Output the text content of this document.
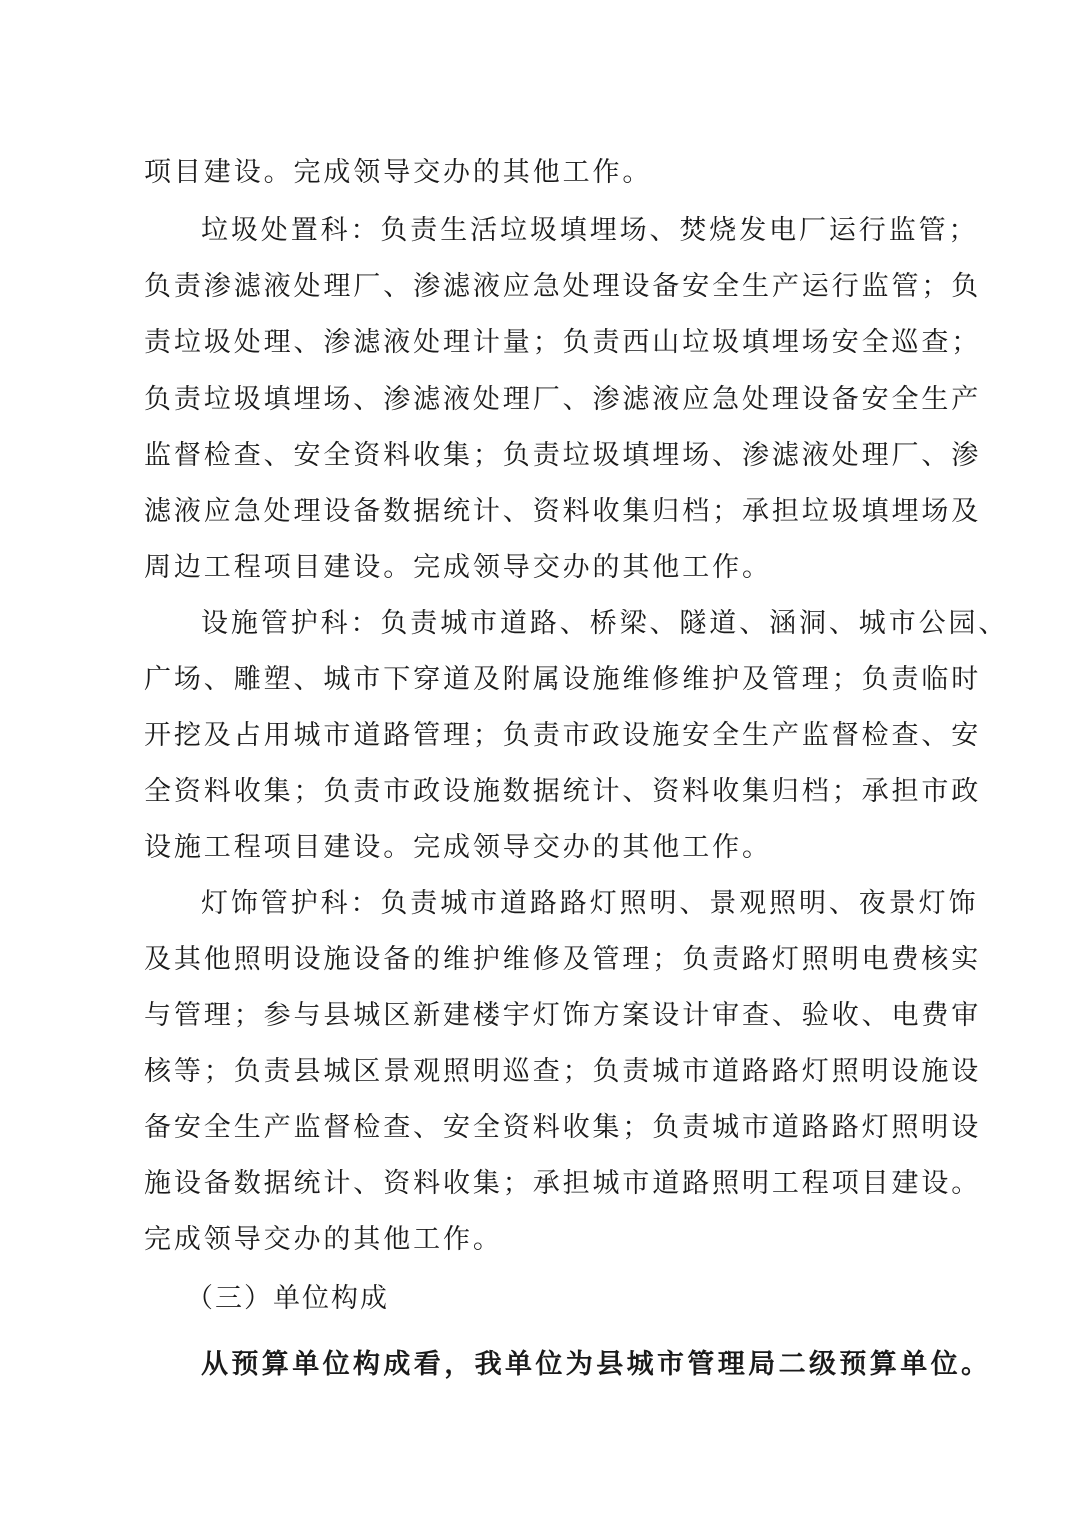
项目建设。完成领导交办的其他工作。
垃圾处置科：负责生活垃圾填埋场、焚烧发电厂运行监管；
负责渗滤液处理厂、渗滤液应急处理设备安全生产运行监管；负
责垃圾处理、渗滤液处理计量；负责西山垃圾填埋场安全巡查；
负责垃圾填埋场、渗滤液处理厂、渗滤液应急处理设备安全生产
监督检查、安全资料收集；负责垃圾填埋场、渗滤液处理厂、渗
滤液应急处理设备数据统计、资料收集归档；承担垃圾填埋场及
周边工程项目建设。完成领导交办的其他工作。
设施管护科：负责城市道路、桥梁、隧道、涵洞、城市公园、
广场、雕塑、城市下穿道及附属设施维修维护及管理；负责临时
开挖及占用城市道路管理；负责市政设施安全生产监督检查、安
全资料收集；负责市政设施数据统计、资料收集归档；承担市政
设施工程项目建设。完成领导交办的其他工作。
灯饰管护科：负责城市道路路灯照明、景观照明、夜景灯饰
及其他照明设施设备的维护维修及管理；负责路灯照明电费核实
与管理；参与县城区新建楼宇灯饰方案设计审查、验收、电费审
核等；负责县城区景观照明巡查；负责城市道路路灯照明设施设
备安全生产监督检查、安全资料收集；负责城市道路路灯照明设
施设备数据统计、资料收集；承担城市道路照明工程项目建设。
完成领导交办的其他工作。
（三）单位构成
从预算单位构成看，我单位为县城市管理局二级预算单位。
